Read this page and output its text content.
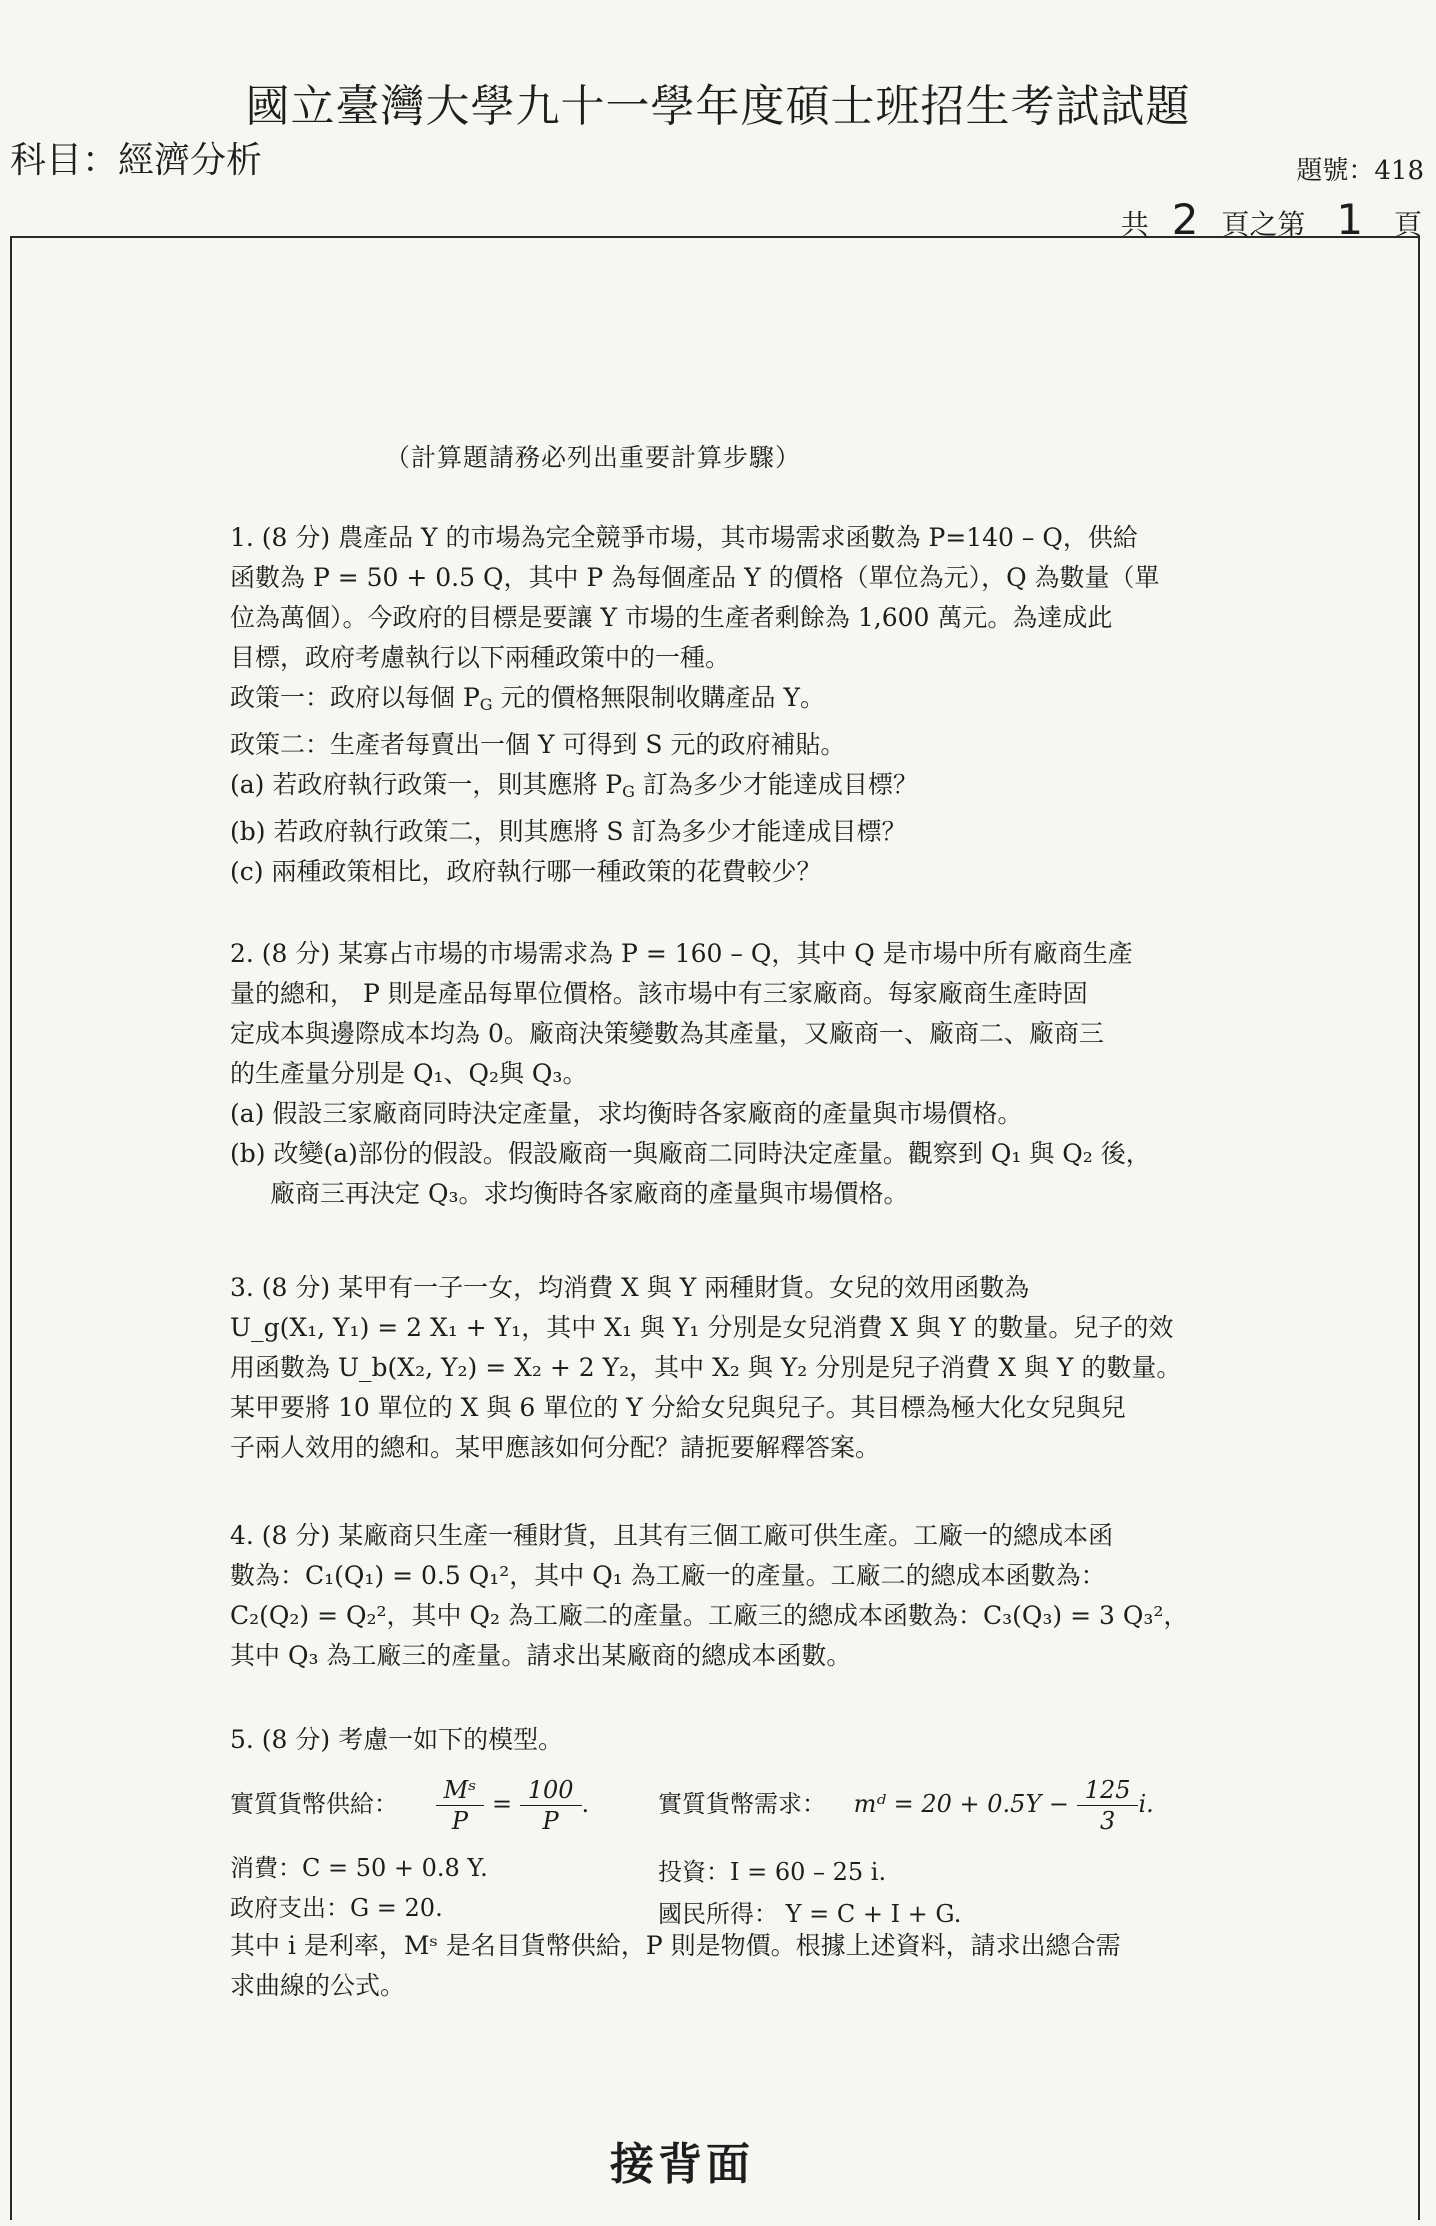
國立臺灣大學九十一學年度碩士班招生考試試題
科目：經濟分析	題號：418
共 2 頁之第 1 頁
（計算題請務必列出重要計算步驟）
1. (8 分) 農產品 Y 的市場為完全競爭市場，其市場需求函數為 P=140 – Q，供給
函數為 P = 50 + 0.5 Q，其中 P 為每個產品 Y 的價格（單位為元），Q 為數量（單
位為萬個）。今政府的目標是要讓 Y 市場的生產者剩餘為 1,600 萬元。為達成此
目標，政府考慮執行以下兩種政策中的一種。
政策一：政府以每個 $P_G$ 元的價格無限制收購產品 Y。
政策二：生產者每賣出一個 Y 可得到 S 元的政府補貼。
(a) 若政府執行政策一，則其應將 $P_G$ 訂為多少才能達成目標？
(b) 若政府執行政策二，則其應將 S 訂為多少才能達成目標？
(c) 兩種政策相比，政府執行哪一種政策的花費較少？
2. (8 分) 某寡占市場的市場需求為 P = 160 – Q，其中 Q 是市場中所有廠商生產
量的總和， P 則是產品每單位價格。該市場中有三家廠商。每家廠商生產時固
定成本與邊際成本均為 0。廠商決策變數為其產量，又廠商一、廠商二、廠商三
的生產量分別是 Q₁、Q₂與 Q₃。
(a) 假設三家廠商同時決定產量，求均衡時各家廠商的產量與市場價格。
(b) 改變(a)部份的假設。假設廠商一與廠商二同時決定產量。觀察到 Q₁ 與 Q₂ 後，
廠商三再決定 Q₃。求均衡時各家廠商的產量與市場價格。
3. (8 分) 某甲有一子一女，均消費 X 與 Y 兩種財貨。女兒的效用函數為
U_g(X₁, Y₁) = 2 X₁ + Y₁，其中 X₁ 與 Y₁ 分別是女兒消費 X 與 Y 的數量。兒子的效
用函數為 U_b(X₂, Y₂) = X₂ + 2 Y₂，其中 X₂ 與 Y₂ 分別是兒子消費 X 與 Y 的數量。
某甲要將 10 單位的 X 與 6 單位的 Y 分給女兒與兒子。其目標為極大化女兒與兒
子兩人效用的總和。某甲應該如何分配？請扼要解釋答案。
4. (8 分) 某廠商只生產一種財貨，且其有三個工廠可供生產。工廠一的總成本函
數為：C₁(Q₁) = 0.5 Q₁²，其中 Q₁ 為工廠一的產量。工廠二的總成本函數為：
C₂(Q₂) = Q₂²，其中 Q₂ 為工廠二的產量。工廠三的總成本函數為：C₃(Q₃) = 3 Q₃²，
其中 Q₃ 為工廠三的產量。請求出某廠商的總成本函數。
5. (8 分) 考慮一如下的模型。
實質貨幣供給： $\frac{\text{Mˢ}}{P} = \frac{100}{P}$ .	實質貨幣需求： mᵈ = $20 + 0.5Y - \frac{125}{3} i$.
消費：C = 50 + 0.8 Y.	投資：I = 60 – 25 i.
政府支出：G = 20.	國民所得： Y = C + I + G.
其中 i 是利率，Mˢ 是名目貨幣供給，P 則是物價。根據上述資料，請求出總合需
求曲線的公式。
接背面
